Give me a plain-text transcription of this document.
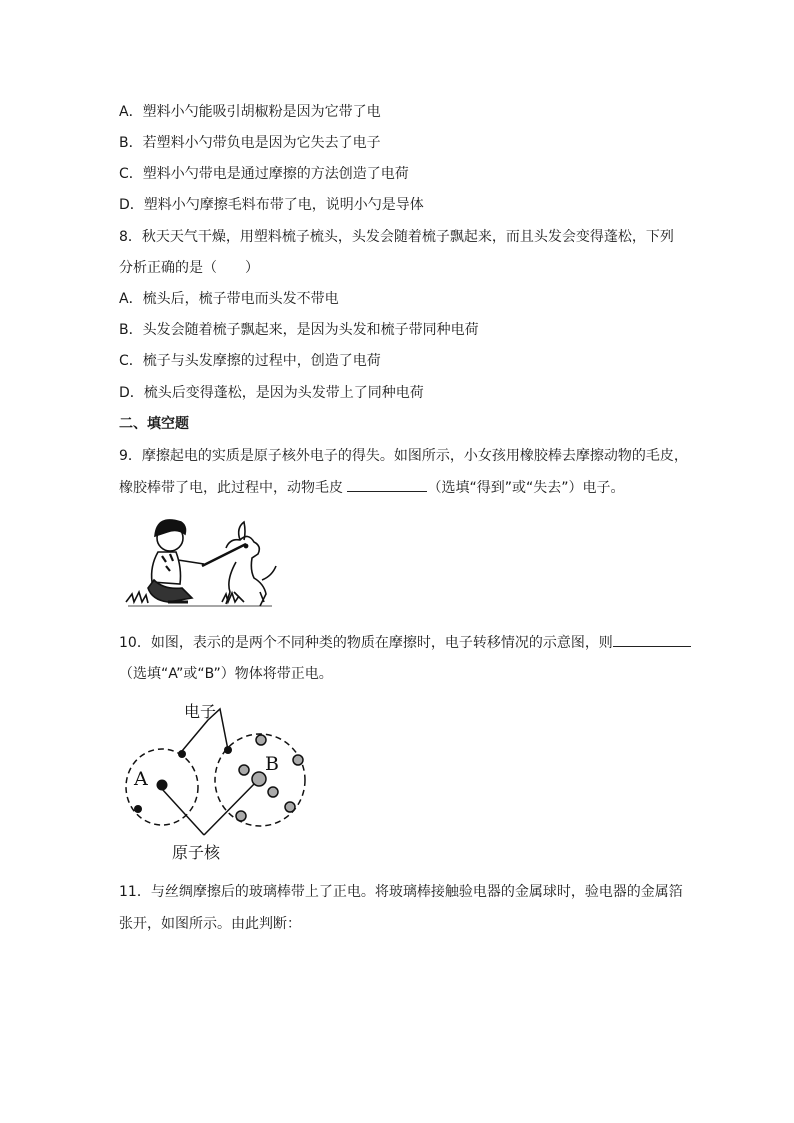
A．塑料小勺能吸引胡椒粉是因为它带了电
B．若塑料小勺带负电是因为它失去了电子
C．塑料小勺带电是通过摩擦的方法创造了电荷
D．塑料小勺摩擦毛料布带了电，说明小勺是导体
8．秋天天气干燥，用塑料梳子梳头，头发会随着梳子飘起来，而且头发会变得蓬松，下列
分析正确的是（　　）
A．梳头后，梳子带电而头发不带电
B．头发会随着梳子飘起来，是因为头发和梳子带同种电荷
C．梳子与头发摩擦的过程中，创造了电荷
D．梳头后变得蓬松，是因为头发带上了同种电荷
二、填空题
9．摩擦起电的实质是原子核外电子的得失。如图所示，小女孩用橡胶棒去摩擦动物的毛皮，
橡胶棒带了电，此过程中，动物毛皮	（选填“得到”或“失去”）电子。
10．如图，表示的是两个不同种类的物质在摩擦时，电子转移情况的示意图，则
（选填“A”或“B”）物体将带正电。
电子
A
B
原子核
11．与丝绸摩擦后的玻璃棒带上了正电。将玻璃棒接触验电器的金属球时，验电器的金属箔
张开，如图所示。由此判断：
